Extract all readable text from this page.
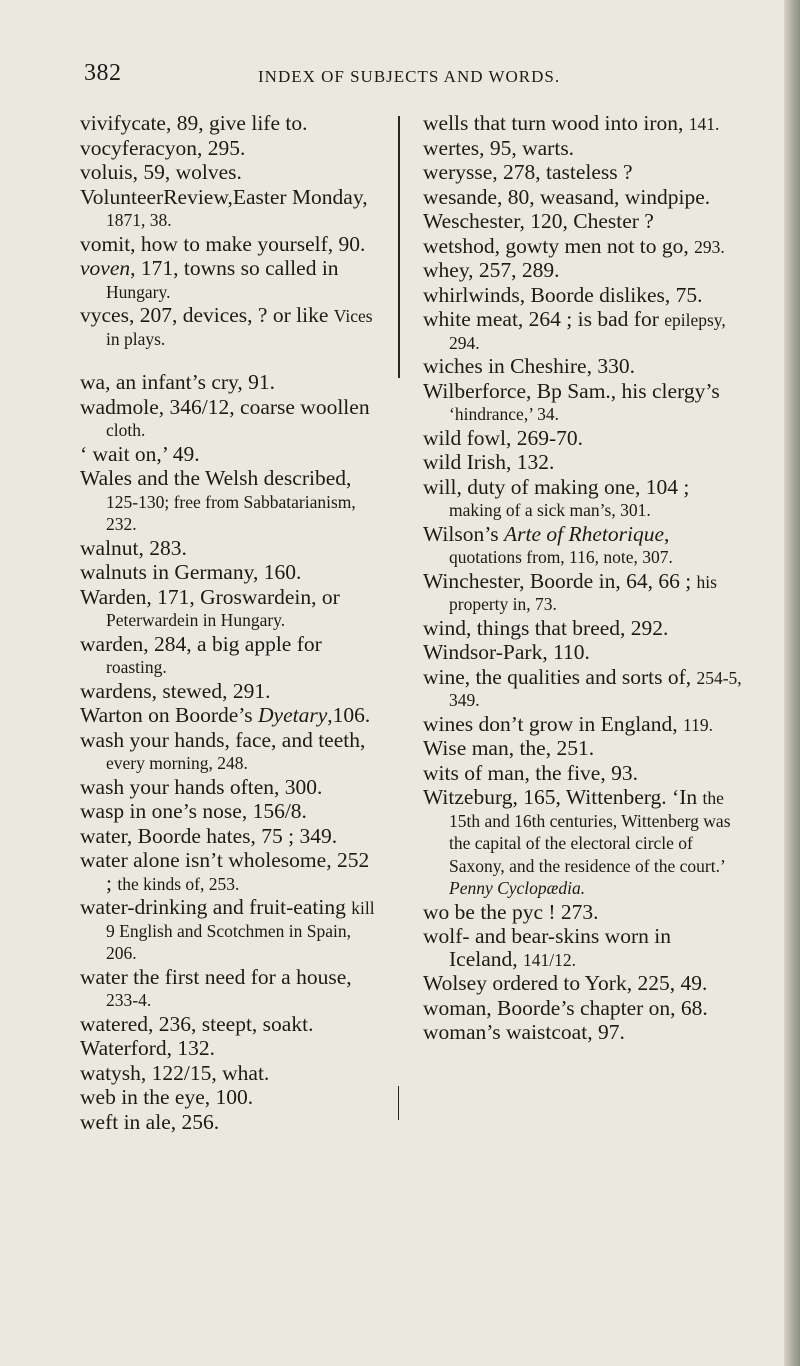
382	INDEX OF SUBJECTS AND WORDS.
vivifycate, 89, give life to.
vocyferacyon, 295.
voluis, 59, wolves.
VolunteerReview,Easter Monday, 1871, 38.
vomit, how to make yourself, 90.
voven, 171, towns so called in Hungary.
vyces, 207, devices, ? or like Vices in plays.
wa, an infant’s cry, 91.
wadmole, 346/12, coarse woollen cloth.
‘ wait on,’ 49.
Wales and the Welsh described, 125-130; free from Sabbatarianism, 232.
walnut, 283.
walnuts in Germany, 160.
Warden, 171, Groswardein, or Peterwardein in Hungary.
warden, 284, a big apple for roasting.
wardens, stewed, 291.
Warton on Boorde’s Dyetary,106.
wash your hands, face, and teeth, every morning, 248.
wash your hands often, 300.
wasp in one’s nose, 156/8.
water, Boorde hates, 75 ; 349.
water alone isn’t wholesome, 252 ; the kinds of, 253.
water-drinking and fruit-eating kill 9 English and Scotchmen in Spain, 206.
water the first need for a house, 233-4.
watered, 236, steept, soakt.
Waterford, 132.
watysh, 122/15, what.
web in the eye, 100.
weft in ale, 256.
wells that turn wood into iron, 141.
wertes, 95, warts.
werysse, 278, tasteless ?
wesande, 80, weasand, windpipe.
Weschester, 120, Chester ?
wetshod, gowty men not to go, 293.
whey, 257, 289.
whirlwinds, Boorde dislikes, 75.
white meat, 264 ; is bad for epilepsy, 294.
wiches in Cheshire, 330.
Wilberforce, Bp Sam., his clergy’s ‘hindrance,’ 34.
wild fowl, 269-70.
wild Irish, 132.
will, duty of making one, 104 ; making of a sick man’s, 301.
Wilson’s Arte of Rhetorique, quotations from, 116, note, 307.
Winchester, Boorde in, 64, 66 ; his property in, 73.
wind, things that breed, 292.
Windsor-Park, 110.
wine, the qualities and sorts of, 254-5, 349.
wines don’t grow in England, 119.
Wise man, the, 251.
wits of man, the five, 93.
Witzeburg, 165, Wittenberg. ‘In the 15th and 16th centuries, Wittenberg was the capital of the electoral circle of Saxony, and the residence of the court.’ Penny Cyclopædia.
wo be the pyc ! 273.
wolf- and bear-skins worn in Iceland, 141/12.
Wolsey ordered to York, 225, 49.
woman, Boorde’s chapter on, 68.
woman’s waistcoat, 97.
